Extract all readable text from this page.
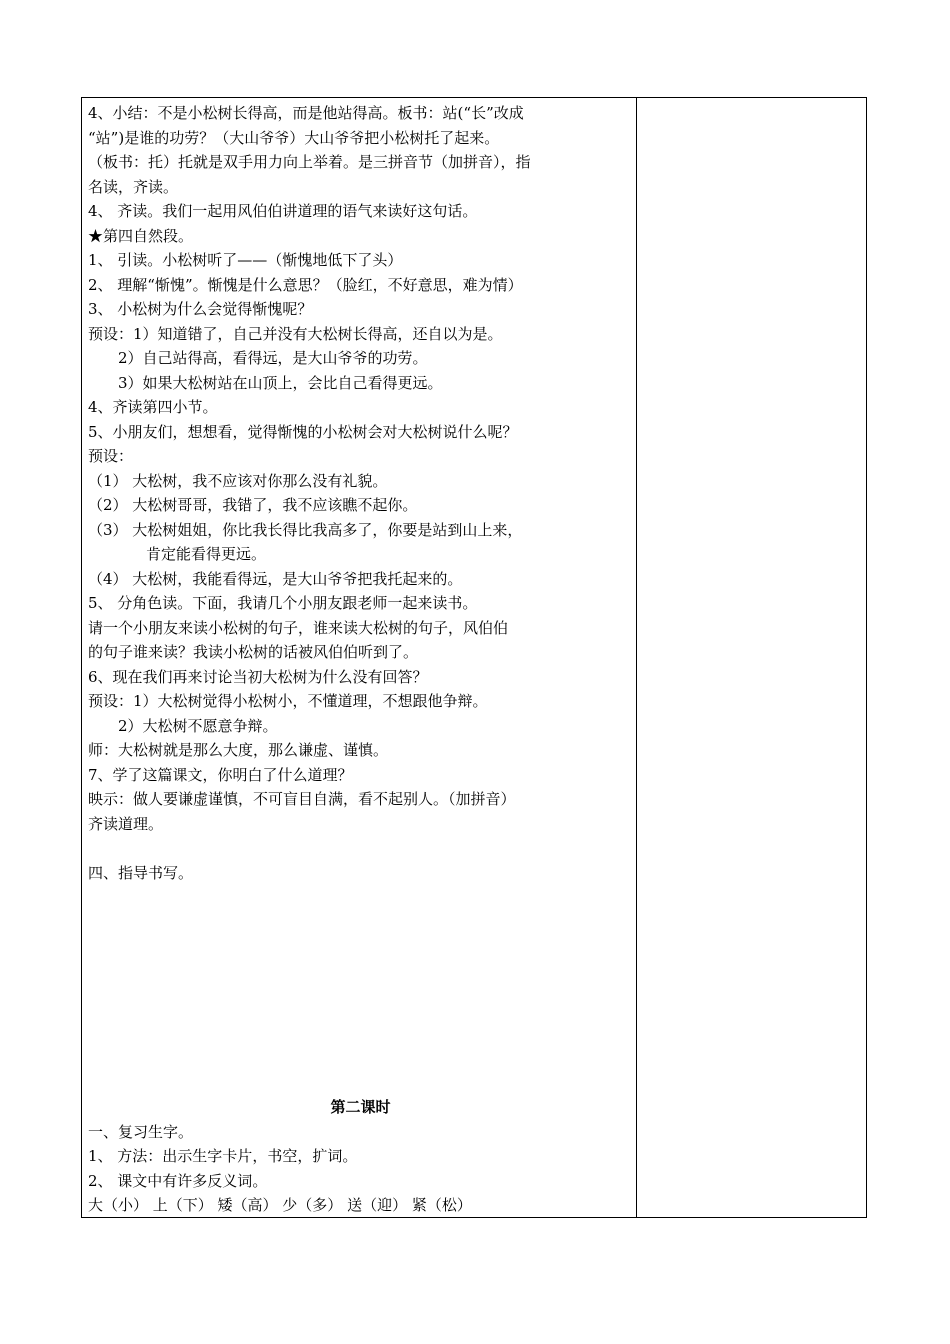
4、小结：不是小松树长得高，而是他站得高。板书：站(“长”改成
“站”)是谁的功劳？（大山爷爷）大山爷爷把小松树托了起来。
（板书：托）托就是双手用力向上举着。是三拼音节（加拼音），指
名读，齐读。
4、 齐读。我们一起用风伯伯讲道理的语气来读好这句话。
★第四自然段。
1、 引读。小松树听了——（惭愧地低下了头）
2、 理解“惭愧”。惭愧是什么意思？（脸红，不好意思，难为情）
3、 小松树为什么会觉得惭愧呢？
预设：1）知道错了，自己并没有大松树长得高，还自以为是。
2）自己站得高，看得远，是大山爷爷的功劳。
3）如果大松树站在山顶上，会比自己看得更远。
4、齐读第四小节。
5、小朋友们，想想看，觉得惭愧的小松树会对大松树说什么呢？
预设：
（1） 大松树，我不应该对你那么没有礼貌。
（2） 大松树哥哥，我错了，我不应该瞧不起你。
（3） 大松树姐姐，你比我长得比我高多了，你要是站到山上来，
肯定能看得更远。
（4） 大松树，我能看得远，是大山爷爷把我托起来的。
5、 分角色读。下面，我请几个小朋友跟老师一起来读书。
请一个小朋友来读小松树的句子，谁来读大松树的句子，风伯伯
的句子谁来读？我读小松树的话被风伯伯听到了。
6、现在我们再来讨论当初大松树为什么没有回答？
预设：1）大松树觉得小松树小，不懂道理，不想跟他争辩。
2）大松树不愿意争辩。
师：大松树就是那么大度，那么谦虚、谨慎。
7、学了这篇课文，你明白了什么道理？
映示：做人要谦虚谨慎，不可盲目自满，看不起别人。（加拼音）
齐读道理。
四、指导书写。
第二课时
一、复习生字。
1、 方法：出示生字卡片，书空，扩词。
2、 课文中有许多反义词。
大（小） 上（下） 矮（高） 少（多） 送（迎） 紧（松）
